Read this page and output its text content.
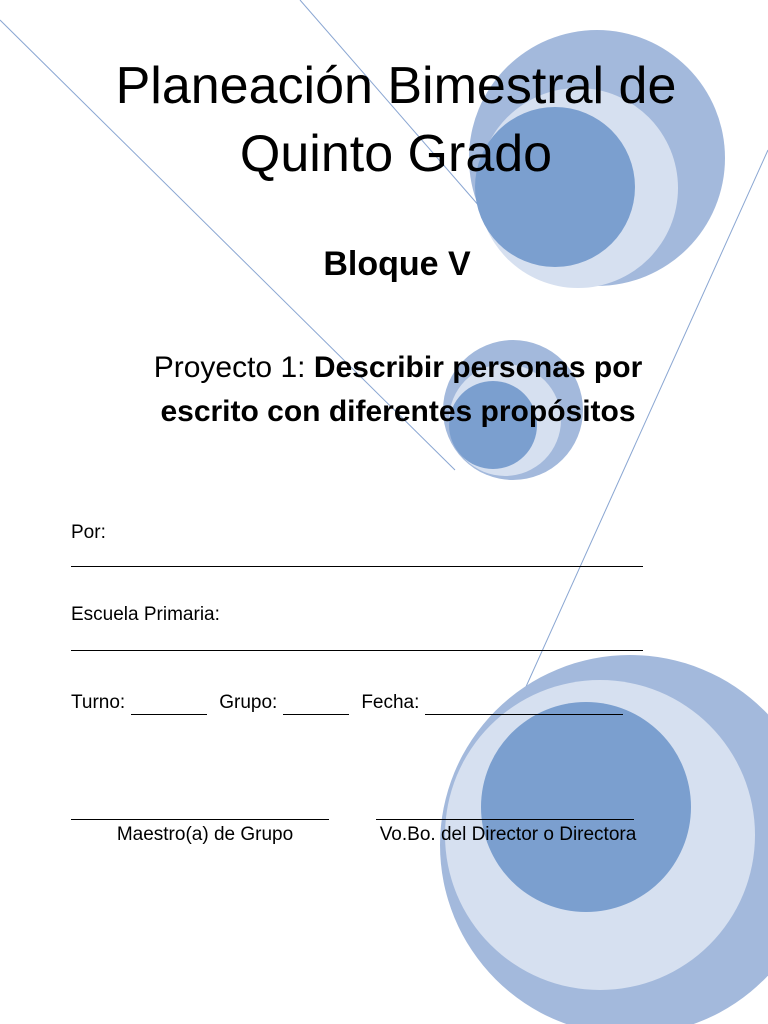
Planeación Bimestral de
Quinto Grado
Bloque V
Proyecto 1: Describir personas por
escrito con diferentes propósitos
Por:
Escuela Primaria:
Turno:	Grupo:	Fecha:
Maestro(a) de Grupo	Vo.Bo. del Director o Directora
